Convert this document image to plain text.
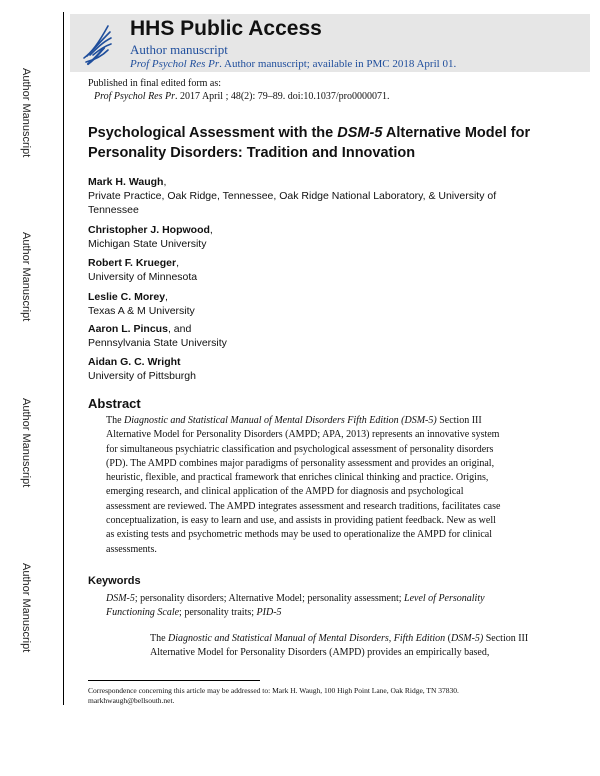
Author Manuscript
Author Manuscript
Author Manuscript
Author Manuscript
HHS Public Access
Author manuscript
Prof Psychol Res Pr. Author manuscript; available in PMC 2018 April 01.
Published in final edited form as:
Prof Psychol Res Pr. 2017 April ; 48(2): 79–89. doi:10.1037/pro0000071.
Psychological Assessment with the DSM-5 Alternative Model for Personality Disorders: Tradition and Innovation
Mark H. Waugh,
Private Practice, Oak Ridge, Tennessee, Oak Ridge National Laboratory, & University of Tennessee
Christopher J. Hopwood,
Michigan State University
Robert F. Krueger,
University of Minnesota
Leslie C. Morey,
Texas A & M University
Aaron L. Pincus, and
Pennsylvania State University
Aidan G. C. Wright
University of Pittsburgh
Abstract
The Diagnostic and Statistical Manual of Mental Disorders Fifth Edition (DSM-5) Section III Alternative Model for Personality Disorders (AMPD; APA, 2013) represents an innovative system for simultaneous psychiatric classification and psychological assessment of personality disorders (PD). The AMPD combines major paradigms of personality assessment and provides an original, heuristic, flexible, and practical framework that enriches clinical thinking and practice. Origins, emerging research, and clinical application of the AMPD for diagnosis and psychological assessment are reviewed. The AMPD integrates assessment and research traditions, facilitates case conceptualization, is easy to learn and use, and assists in providing patient feedback. New as well as existing tests and psychometric methods may be used to operationalize the AMPD for clinical assessments.
Keywords
DSM-5; personality disorders; Alternative Model; personality assessment; Level of Personality Functioning Scale; personality traits; PID-5
The Diagnostic and Statistical Manual of Mental Disorders, Fifth Edition (DSM-5) Section III Alternative Model for Personality Disorders (AMPD) provides an empirically based,
Correspondence concerning this article may be addressed to: Mark H. Waugh, 100 High Point Lane, Oak Ridge, TN 37830.
markhwaugh@bellsouth.net.
